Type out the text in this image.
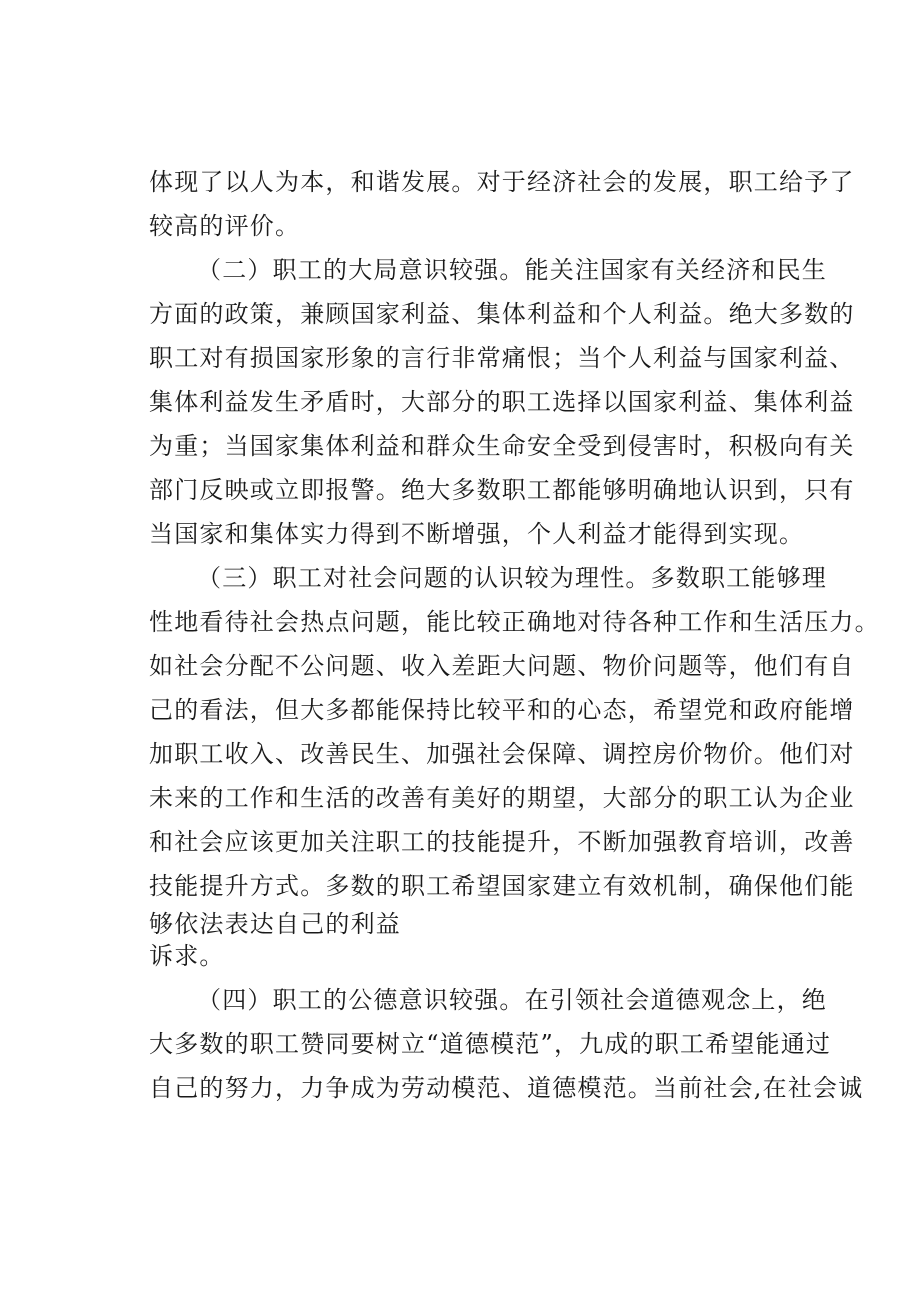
体现了以人为本，和谐发展。对于经济社会的发展，职工给予了
较高的评价。
（二）职工的大局意识较强。能关注国家有关经济和民生
方面的政策，兼顾国家利益、集体利益和个人利益。绝大多数的
职工对有损国家形象的言行非常痛恨；当个人利益与国家利益、
集体利益发生矛盾时，大部分的职工选择以国家利益、集体利益
为重；当国家集体利益和群众生命安全受到侵害时，积极向有关
部门反映或立即报警。绝大多数职工都能够明确地认识到，只有
当国家和集体实力得到不断增强，个人利益才能得到实现。
（三）职工对社会问题的认识较为理性。多数职工能够理
性地看待社会热点问题，能比较正确地对待各种工作和生活压力。
如社会分配不公问题、收入差距大问题、物价问题等，他们有自
己的看法，但大多都能保持比较平和的心态，希望党和政府能增
加职工收入、改善民生、加强社会保障、调控房价物价。他们对
未来的工作和生活的改善有美好的期望，大部分的职工认为企业
和社会应该更加关注职工的技能提升，不断加强教育培训，改善
技能提升方式。多数的职工希望国家建立有效机制，确保他们能
够依法表达自己的利益
诉求。
（四）职工的公德意识较强。在引领社会道德观念上，绝
大多数的职工赞同要树立“道德模范”，九成的职工希望能通过
自己的努力，力争成为劳动模范、道德模范。当前社会,在社会诚
